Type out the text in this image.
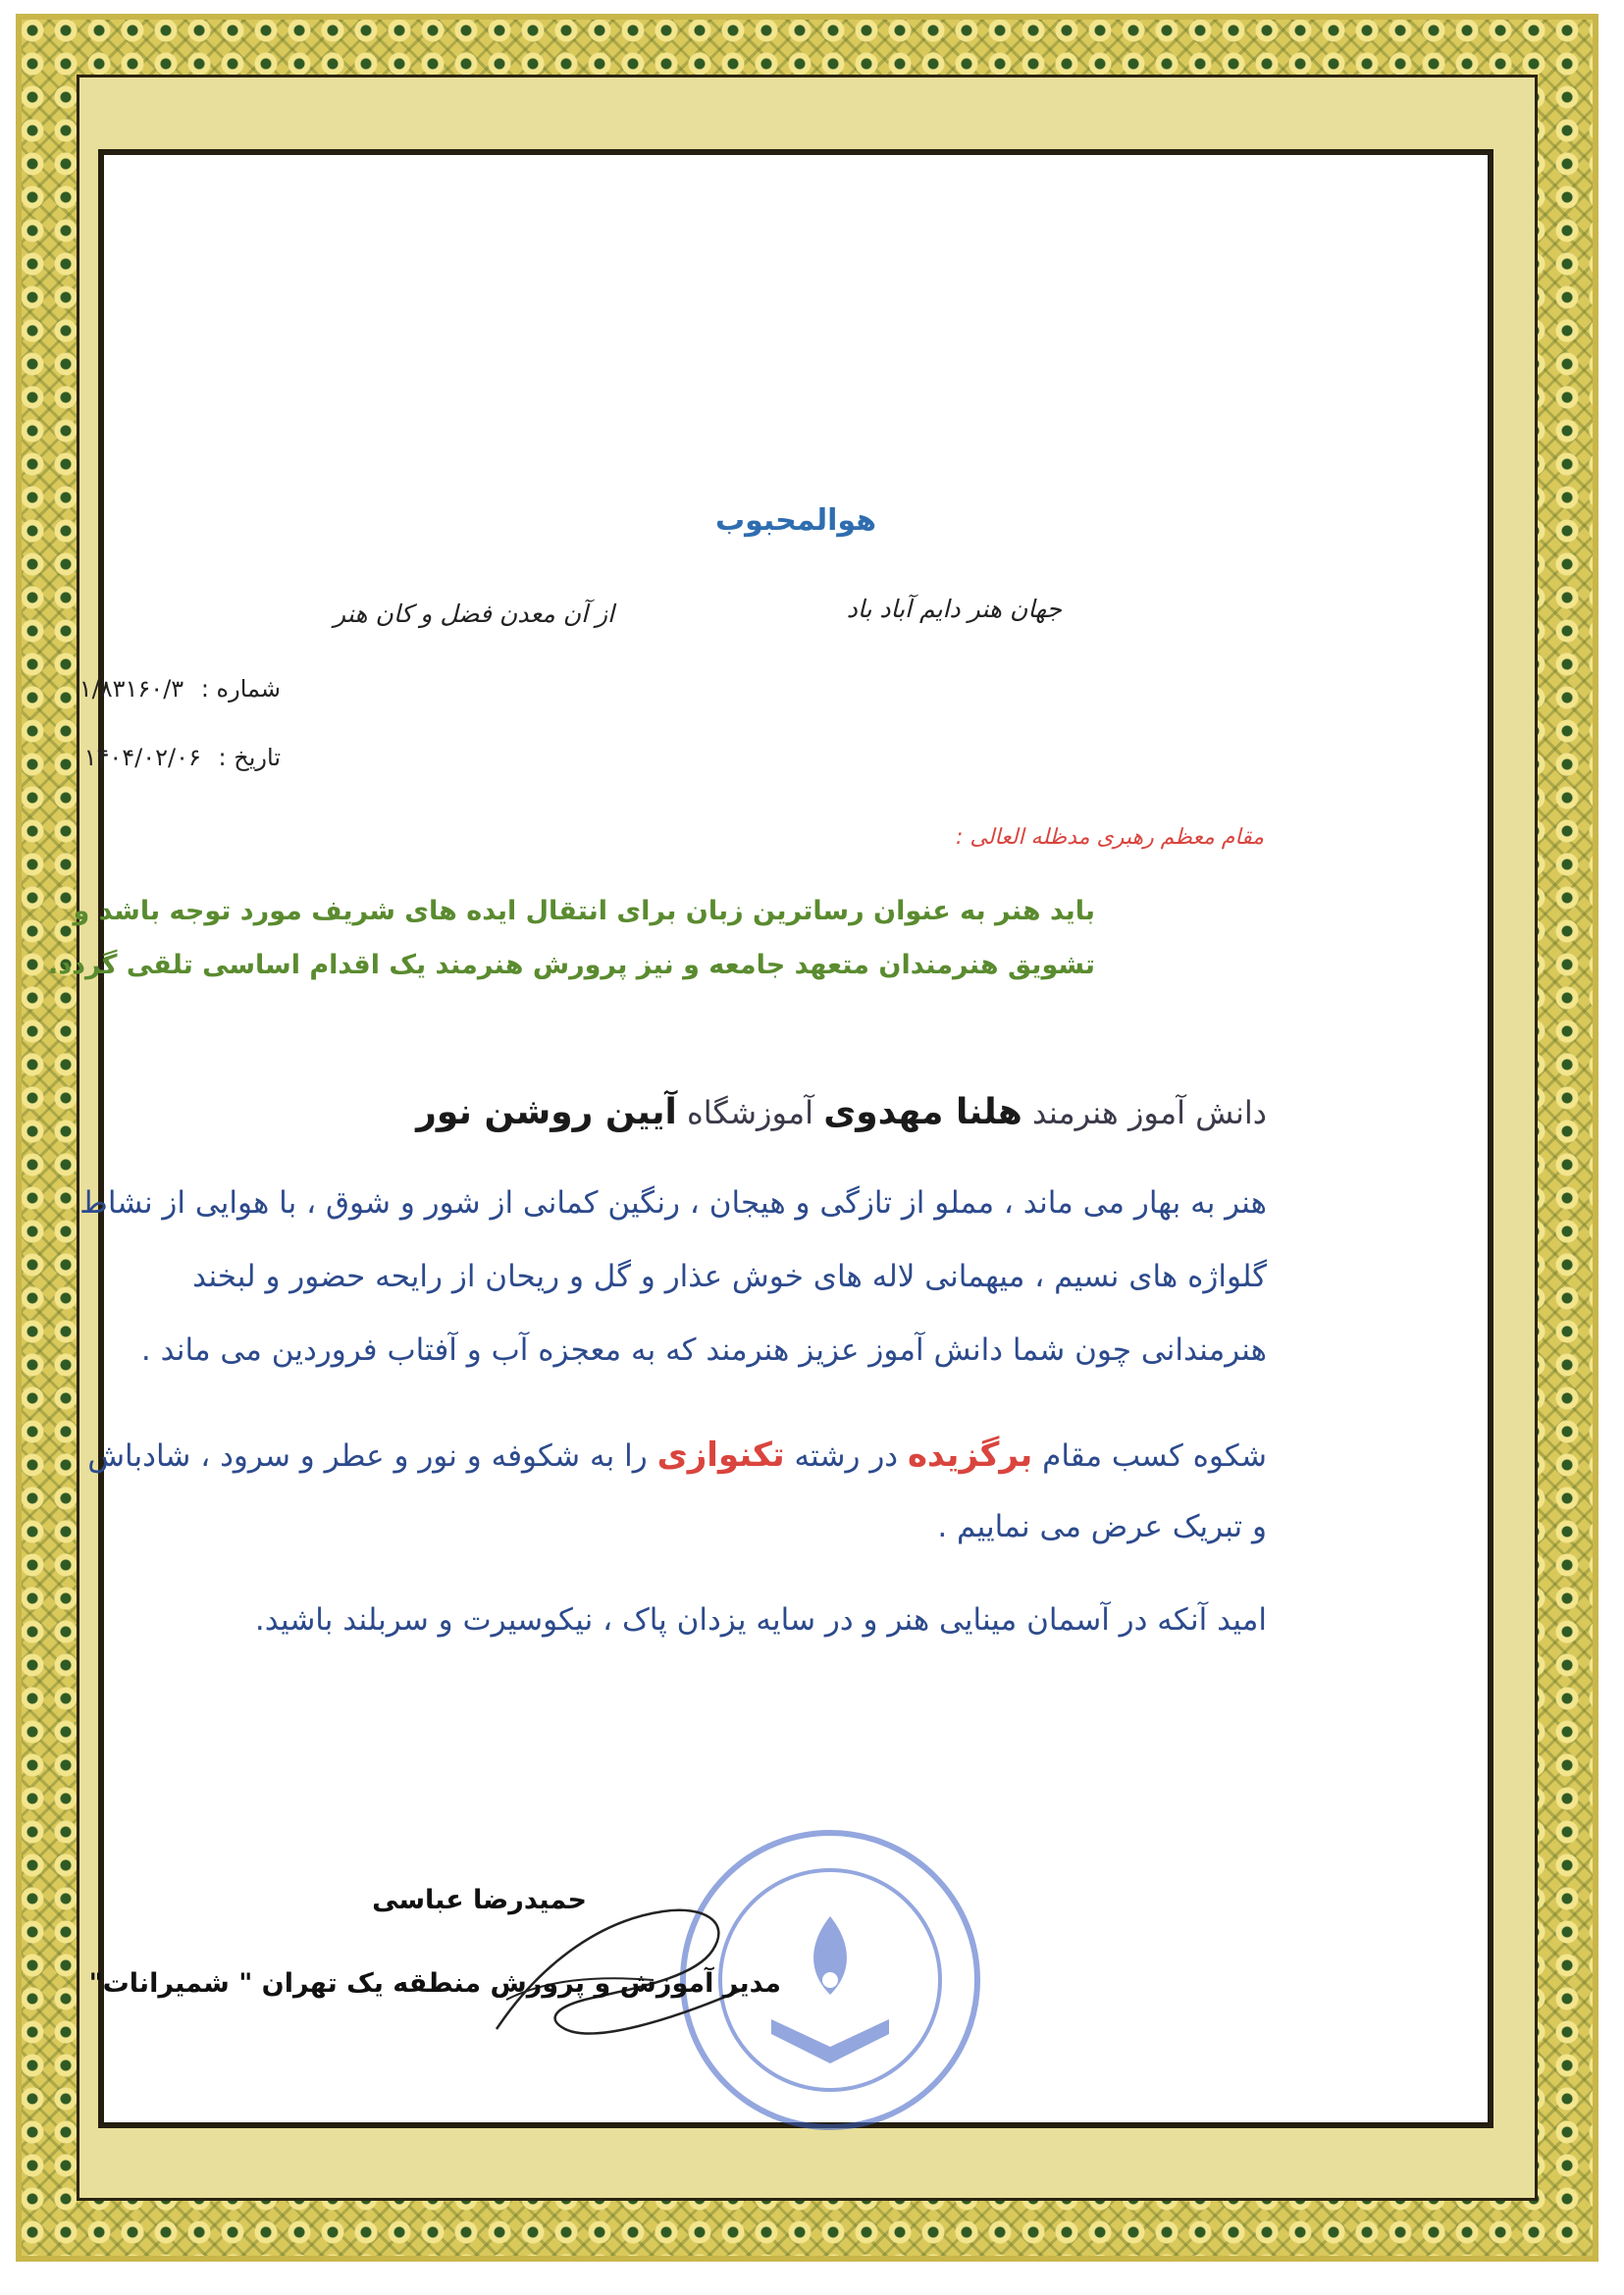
هوالمحبوب
جهان هنر دایم آباد باد
از آن معدن فضل و کان هنر
شماره : ۱/۸۳۱۶۰/۳
تاریخ : ۱۴۰۴/۰۲/۰۶
مقام معظم رهبری مدظله العالی :
باید هنر به عنوان رساترین زبان برای انتقال ایده های شریف مورد توجه باشد و
تشویق هنرمندان متعهد جامعه و نیز پرورش هنرمند یک اقدام اساسی تلقی گردد.
دانش آموز هنرمند هلنا مهدوی آموزشگاه آیین روشن نور
هنر به بهار می ماند ، مملو از تازگی و هیجان ، رنگین کمانی از شور و شوق ، با هوایی از نشاط
گلواژه های نسیم ، میهمانی لاله های خوش عذار و گل و ریحان از رایحه حضور و لبخند
هنرمندانی چون شما دانش آموز عزیز هنرمند که به معجزه آب و آفتاب فروردین می ماند .
شکوه کسب مقام برگزیده در رشته تکنوازی را به شکوفه و نور و عطر و سرود ، شادباش
و تبریک عرض می نماییم .
امید آنکه در آسمان مینایی هنر و در سایه یزدان پاک ، نیکوسیرت و سربلند باشید.
حمیدرضا عباسی
مدیر آموزش و پرورش منطقه یک تهران " شمیرانات"
